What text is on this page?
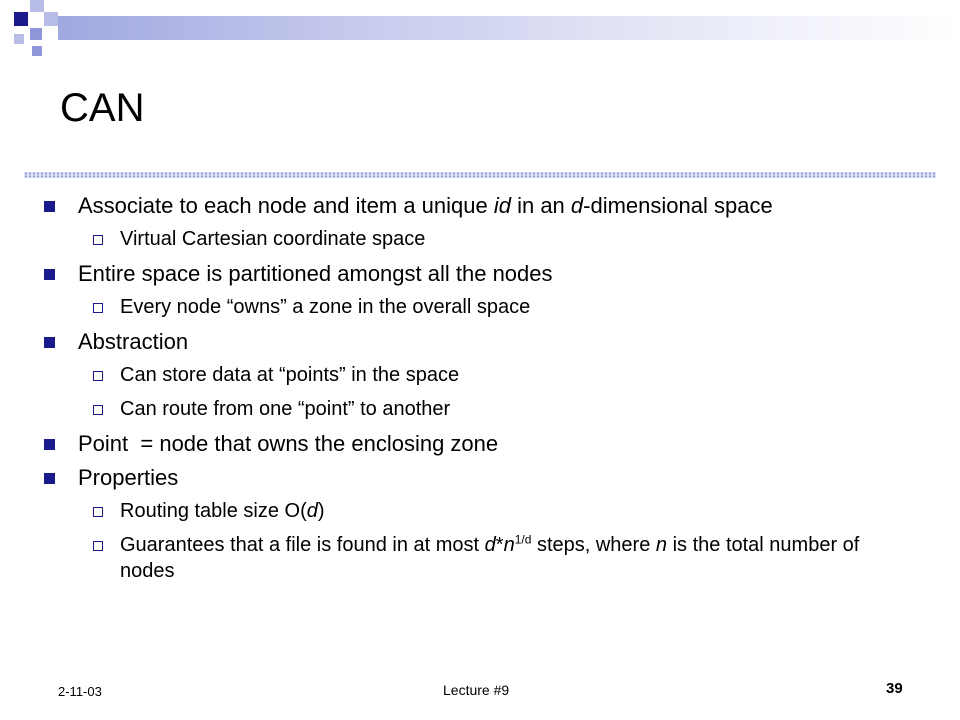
CAN
Associate to each node and item a unique id in an d-dimensional space
Virtual Cartesian coordinate space
Entire space is partitioned amongst all the nodes
Every node “owns” a zone in the overall space
Abstraction
Can store data at “points” in the space
Can route from one “point” to another
Point  = node that owns the enclosing zone
Properties
Routing table size O(d)
Guarantees that a file is found in at most $d*n^{1/d}$ steps, where n is the total number of nodes
2-11-03	Lecture #9	39
